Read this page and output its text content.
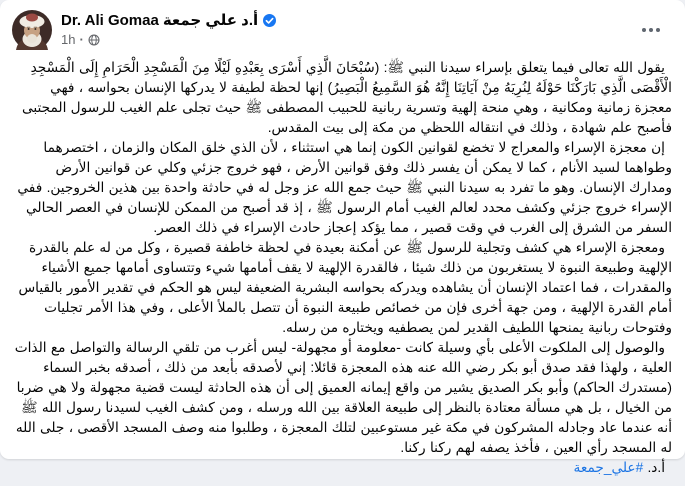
Dr. Ali Gomaa أ.د علي جمعة
1h ·

يقول الله تعالى فيما يتعلق بإسراء سيدنا النبي ﷺ: (سُبْحَانَ الَّذِي أَسْرَى بِعَبْدِهِ لَيْلًا مِنَ الْمَسْجِدِ الْحَرَامِ إِلَى الْمَسْجِدِ الْأَقْصَى الَّذِي بَارَكْنَا حَوْلَهُ لِنُرِيَهُ مِنْ آيَاتِنَا إِنَّهُ هُوَ السَّمِيعُ الْبَصِيرُ) إنها لحظة لطيفة لا يدركها الإنسان بحواسه ، فهي معجزة زمانية ومكانية ، وهي منحة إلهية وتسرية ربانية للحبيب المصطفى ﷺ حيث تجلى علم الغيب للرسول المجتبى فأصبح علم شهادة ، وذلك في انتقاله اللحظي من مكة إلى بيت المقدس.

إن معجزة الإسراء والمعراج لا تخضع لقوانين الكون إنما هي استثناء ، لأن الذي خلق المكان والزمان ، اختصرهما وطواهما لسيد الأنام ، كما لا يمكن أن يفسر ذلك وفق قوانين الأرض ، فهو خروج جزئي وكلي عن قوانين الأرض ومدارك الإنسان. وهو ما تفرد به سيدنا النبي ﷺ حيث جمع الله عز وجل له في حادثة واحدة بين هذين الخروجين. ففي الإسراء خروج جزئي وكشف محدد لعالم الغيب أمام الرسول ﷺ ، إذ قد أصبح من الممكن للإنسان في العصر الحالي السفر من الشرق إلى الغرب في وقت قصير ، مما يؤكد إعجاز حادث الإسراء في ذلك العصر.

ومعجزة الإسراء هي كشف وتجلية للرسول ﷺ عن أمكنة بعيدة في لحظة خاطفة قصيرة ، وكل من له علم بالقدرة الإلهية وطبيعة النبوة لا يستغربون من ذلك شيئا ، فالقدرة الإلهية لا يقف أمامها شيء وتتساوى أمامها جميع الأشياء والمقدرات ، فما اعتماد الإنسان أن يشاهده ويدركه بحواسه البشرية الضعيفة ليس هو الحكم في تقدير الأمور بالقياس أمام القدرة الإلهية ، ومن جهة أخرى فإن من خصائص طبيعة النبوة أن تتصل بالملأ الأعلى ، وفي هذا الأمر تجليات وفتوحات ربانية يمنحها اللطيف القدير لمن يصطفيه ويختاره من رسله.

والوصول إلى الملكوت الأعلى بأي وسيلة كانت -معلومة أو مجهولة- ليس أغرب من تلقي الرسالة والتواصل مع الذات العلية ، ولهذا فقد صدق أبو بكر رضي الله عنه هذه المعجزة قائلا: إني لأصدقه بأبعد من ذلك ، أصدقه بخبر السماء (مستدرك الحاكم) وأبو بكر الصديق يشير من واقع إيمانه العميق إلى أن هذه الحادثة ليست قضية مجهولة ولا هي ضربا من الخيال ، بل هي مسألة معتادة بالنظر إلى طبيعة العلاقة بين الله ورسله ، ومن كشف الغيب لسيدنا رسول الله ﷺ أنه عندما عاد وجادله المشركون في مكة غير مستوعبين لتلك المعجزة ، وطلبوا منه وصف المسجد الأقصى ، جلى الله له المسجد رأي العين ، فأخذ يصفه لهم ركنا ركنا.

أ.د. #علي_جمعة
